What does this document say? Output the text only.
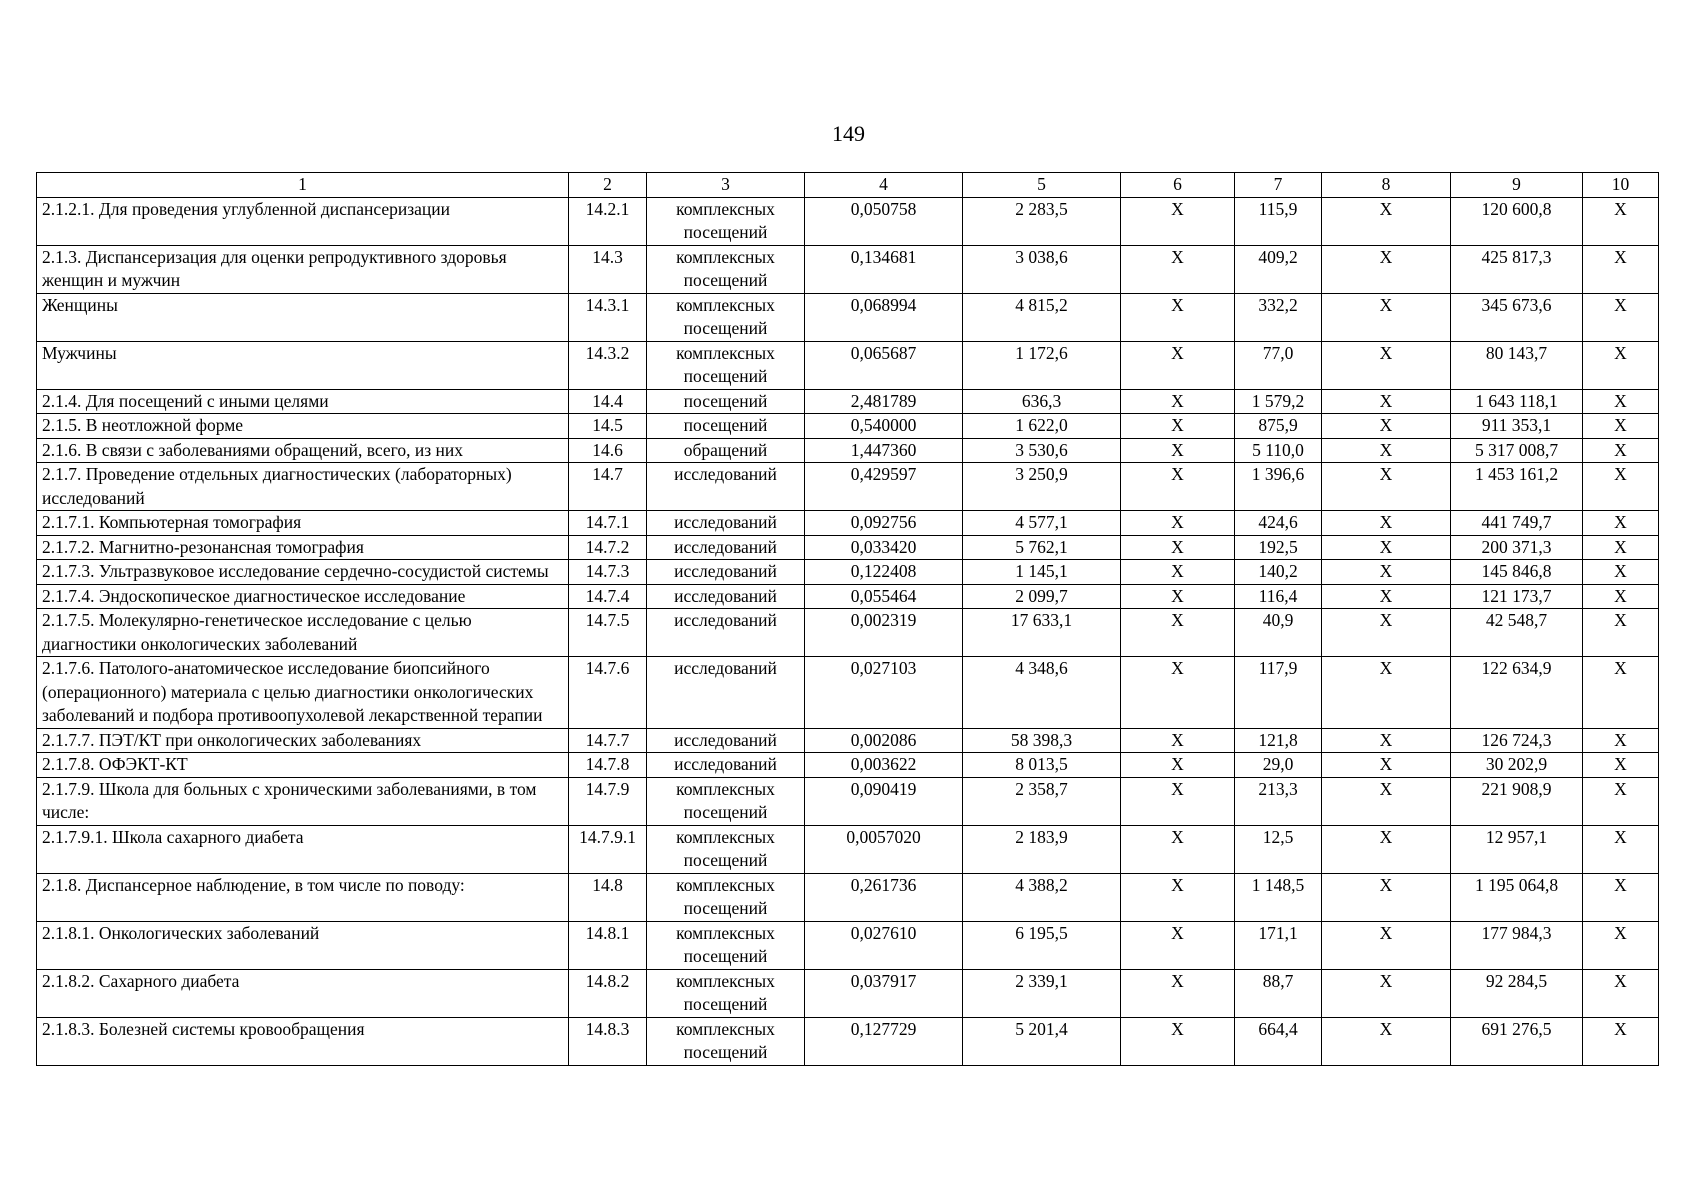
149
1	2	3	4	5	6	7	8	9	10
2.1.2.1. Для проведения углубленной диспансеризации	14.2.1	комплексных посещений	0,050758	2 283,5	X	115,9	X	120 600,8	X
2.1.3. Диспансеризация для оценки репродуктивного здоровья женщин и мужчин	14.3	комплексных посещений	0,134681	3 038,6	X	409,2	X	425 817,3	X
Женщины	14.3.1	комплексных посещений	0,068994	4 815,2	X	332,2	X	345 673,6	X
Мужчины	14.3.2	комплексных посещений	0,065687	1 172,6	X	77,0	X	80 143,7	X
2.1.4. Для посещений с иными целями	14.4	посещений	2,481789	636,3	X	1 579,2	X	1 643 118,1	X
2.1.5. В неотложной форме	14.5	посещений	0,540000	1 622,0	X	875,9	X	911 353,1	X
2.1.6. В связи с заболеваниями обращений, всего, из них	14.6	обращений	1,447360	3 530,6	X	5 110,0	X	5 317 008,7	X
2.1.7. Проведение отдельных диагностических (лабораторных) исследований	14.7	исследований	0,429597	3 250,9	X	1 396,6	X	1 453 161,2	X
2.1.7.1. Компьютерная томография	14.7.1	исследований	0,092756	4 577,1	X	424,6	X	441 749,7	X
2.1.7.2. Магнитно-резонансная томография	14.7.2	исследований	0,033420	5 762,1	X	192,5	X	200 371,3	X
2.1.7.3. Ультразвуковое исследование сердечно-сосудистой системы	14.7.3	исследований	0,122408	1 145,1	X	140,2	X	145 846,8	X
2.1.7.4. Эндоскопическое диагностическое исследование	14.7.4	исследований	0,055464	2 099,7	X	116,4	X	121 173,7	X
2.1.7.5. Молекулярно-генетическое исследование с целью диагностики онкологических заболеваний	14.7.5	исследований	0,002319	17 633,1	X	40,9	X	42 548,7	X
2.1.7.6. Патолого-анатомическое исследование биопсийного (операционного) материала с целью диагностики онкологических заболеваний и подбора противоопухолевой лекарственной терапии	14.7.6	исследований	0,027103	4 348,6	X	117,9	X	122 634,9	X
2.1.7.7. ПЭТ/КТ при онкологических заболеваниях	14.7.7	исследований	0,002086	58 398,3	X	121,8	X	126 724,3	X
2.1.7.8. ОФЭКТ-КТ	14.7.8	исследований	0,003622	8 013,5	X	29,0	X	30 202,9	X
2.1.7.9. Школа для больных с хроническими заболеваниями, в том числе:	14.7.9	комплексных посещений	0,090419	2 358,7	X	213,3	X	221 908,9	X
2.1.7.9.1. Школа сахарного диабета	14.7.9.1	комплексных посещений	0,0057020	2 183,9	X	12,5	X	12 957,1	X
2.1.8. Диспансерное наблюдение, в том числе по поводу:	14.8	комплексных посещений	0,261736	4 388,2	X	1 148,5	X	1 195 064,8	X
2.1.8.1. Онкологических заболеваний	14.8.1	комплексных посещений	0,027610	6 195,5	X	171,1	X	177 984,3	X
2.1.8.2. Сахарного диабета	14.8.2	комплексных посещений	0,037917	2 339,1	X	88,7	X	92 284,5	X
2.1.8.3. Болезней системы кровообращения	14.8.3	комплексных посещений	0,127729	5 201,4	X	664,4	X	691 276,5	X
